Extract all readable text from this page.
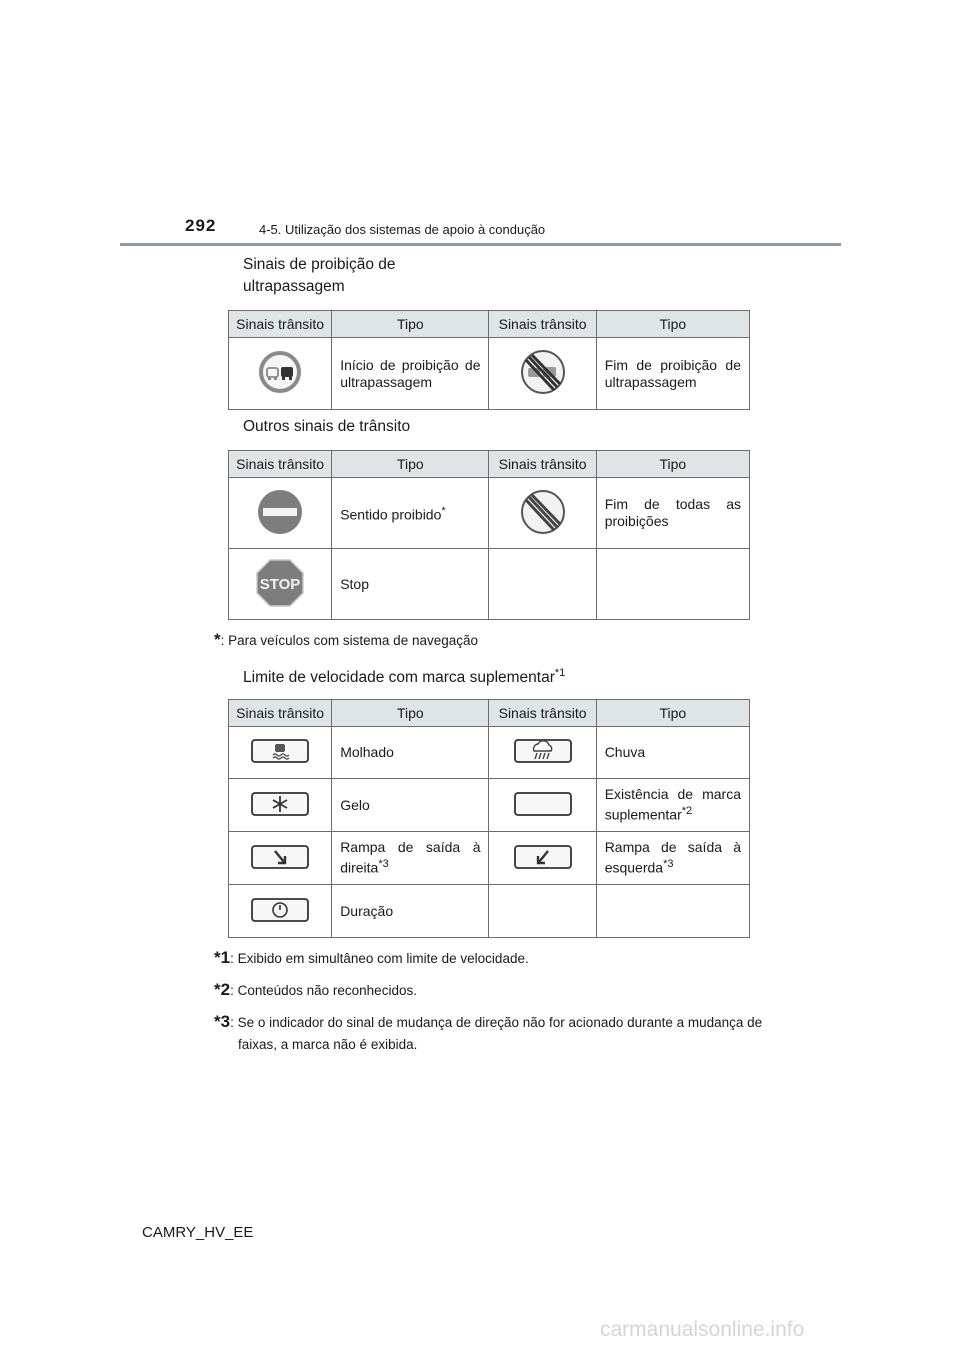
292	4-5. Utilização dos sistemas de apoio à condução
Sinais de proibição de
ultrapassagem
Sinais trânsito	Tipo	Sinais trânsito	Tipo
	Início de proibição de ultrapassagem		Fim de proibição de ultrapassagem
Outros sinais de trânsito
Sinais trânsito	Tipo	Sinais trânsito	Tipo
	Sentido proibido*		Fim de todas as proibições

STOP	Stop		
*: Para veículos com sistema de navegação
Limite de velocidade com marca suplementar$^{*1}$
Sinais trânsito	Tipo	Sinais trânsito	Tipo
	Molhado		Chuva
	Gelo		Existência de marca suplementar$^{*2}$
	Rampa de saída à direita$^{*3}$		Rampa de saída à esquerda$^{*3}$
	Duração		
*1: Exibido em simultâneo com limite de velocidade.
*2: Conteúdos não reconhecidos.
*3: Se o indicador do sinal de mudança de direção não for acionado durante a mudança de faixas, a marca não é exibida.
CAMRY_HV_EE
carmanualsonline.info
